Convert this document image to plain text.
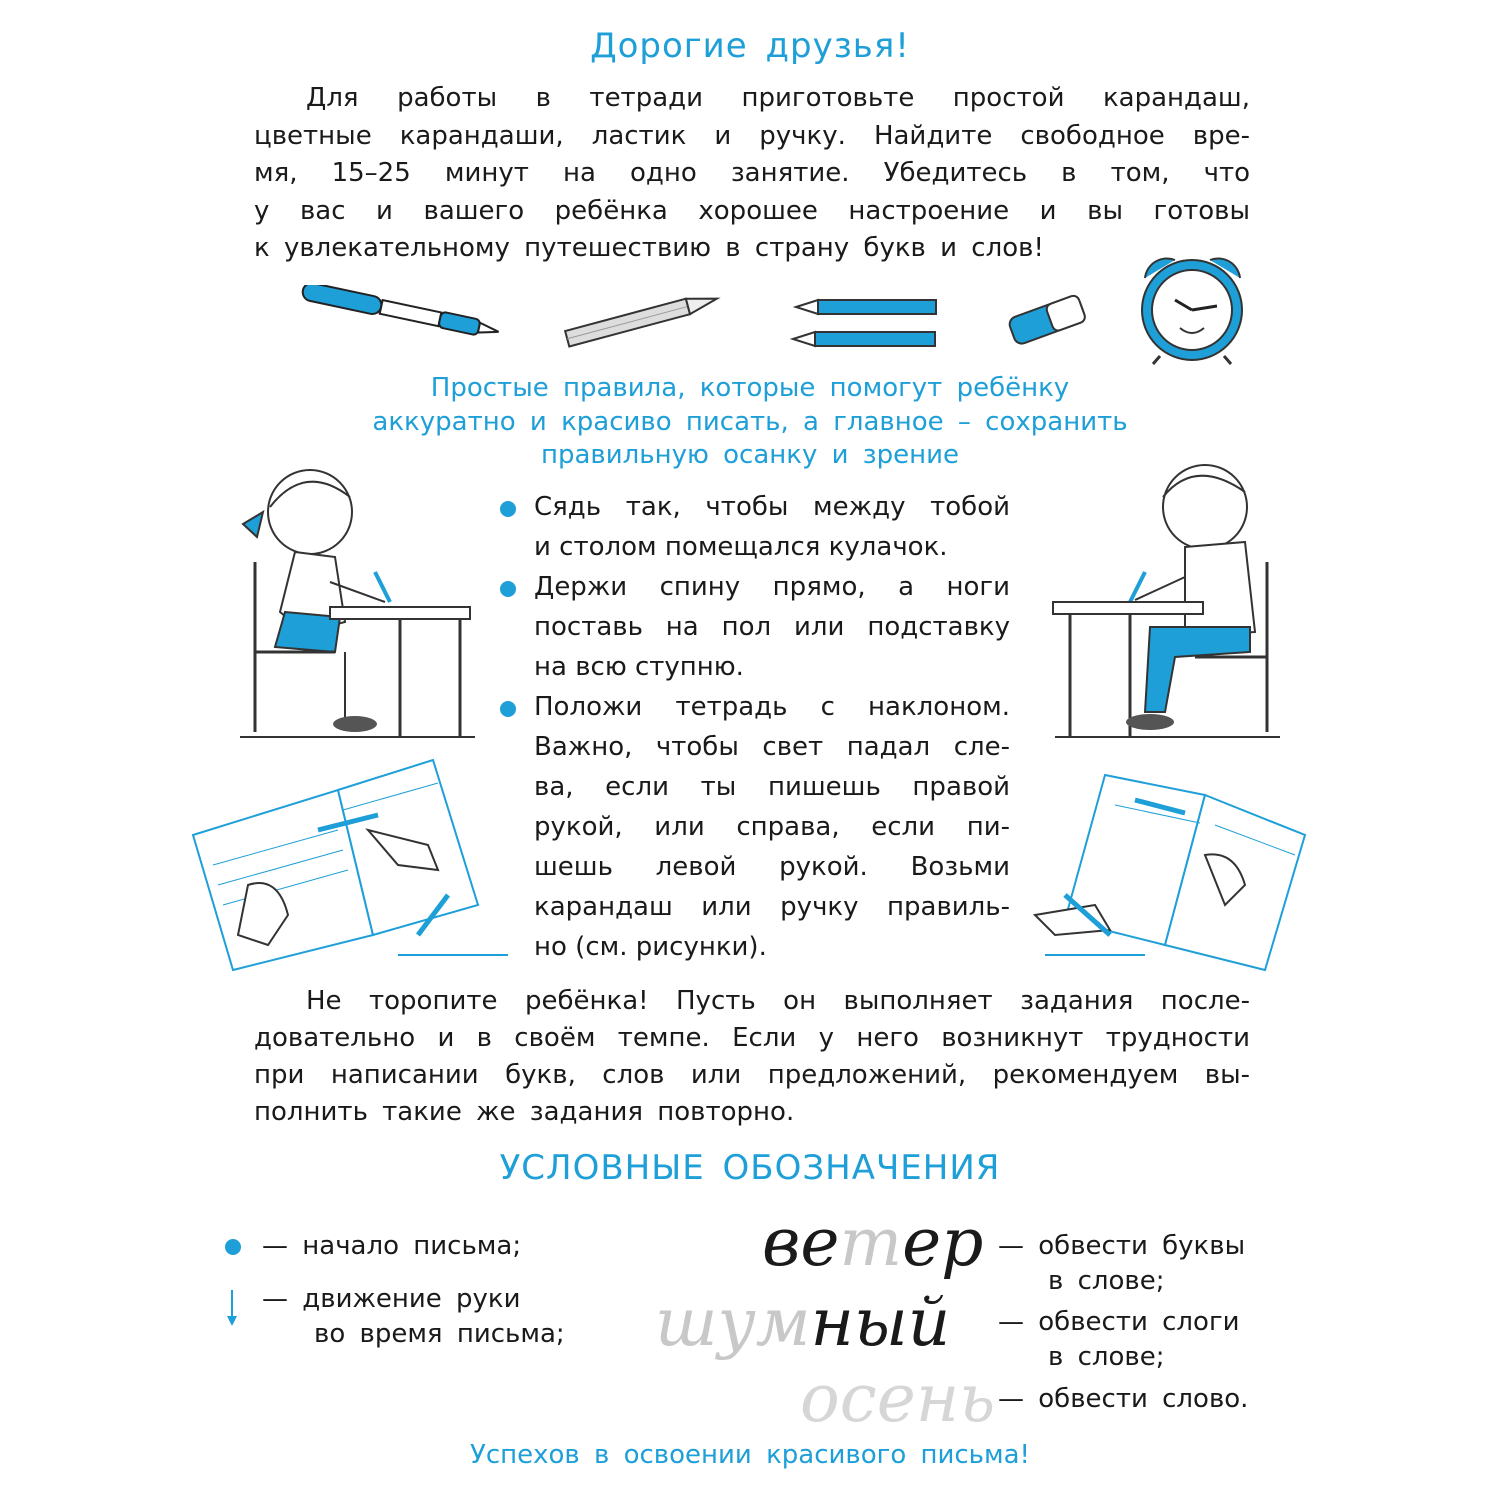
Дорогие друзья!
Для работы в тетради приготовьте простой карандаш,
цветные карандаши, ластик и ручку. Найдите свободное вре-
мя, 15–25 минут на одно занятие. Убедитесь в том, что
у вас и вашего ребёнка хорошее настроение и вы готовы
к увлекательному путешествию в страну букв и слов!
Простые правила, которые помогут ребёнку
аккуратно и красиво писать, а главное – сохранить
правильную осанку и зрение
Сядь так, чтобы между тобой
и столом помещался кулачок.
Держи спину прямо, а ноги
поставь на пол или подставку
на всю ступню.
Положи тетрадь с наклоном.
Важно, чтобы свет падал сле-
ва, если ты пишешь правой
рукой, или справа, если пи-
шешь левой рукой. Возьми
карандаш или ручку правиль-
но (см. рисунки).
Не торопите ребёнка! Пусть он выполняет задания после-
довательно и в своём темпе. Если у него возникнут трудности
при написании букв, слов или предложений, рекомендуем вы-
полнить такие же задания повторно.
УСЛОВНЫЕ ОБОЗНАЧЕНИЯ
— начало письма;
— движение руки
во время письма;
ветер
шумный
осень
— обвести буквы
в слове;
— обвести слоги
в слове;
— обвести слово.
Успехов в освоении красивого письма!
